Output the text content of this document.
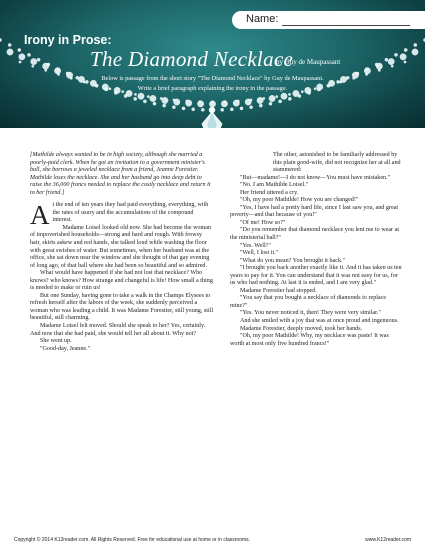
Name:
Irony in Prose:
The Diamond Necklace
by Guy de Maupassant
Below is passage from the short story "The Diamond Necklace" by Guy de Maupassant.
Write a brief paragraph explaining the irony in the passage.

[Mathilde always wanted to be in high society, although she married a poorly-paid clerk. When he got an invitation to a government minister's ball, she borrows a jeweled necklace from a friend, Jeanne Forestier. Mathilde loses the necklace. She and her husband go into deep debt to raise the 36,000 francs needed to replace the costly necklace and return it to her friend.]

At the end of ten years they had paid everything, everything, with the rates of usury and the accumulations of the compound interest.

Madame Loisel looked old now. She had become the woman of impoverished households—strong and hard and rough. With frowsy hair, skirts askew and red hands, she talked loud while washing the floor with great swishes of water. But sometimes, when her husband was at the office, she sat down near the window and she thought of that gay evening of long ago, of that ball where she had been so beautiful and so admired.

What would have happened if she had not lost that necklace? Who knows? who knows? How strange and changeful is life! How small a thing is needed to make or ruin us!

But one Sunday, having gone to take a walk in the Champs Elysees to refresh herself after the labors of the week, she suddenly perceived a woman who was leading a child. It was Madame Forestier, still young, still beautiful, still charming.

Madame Loisel felt moved. Should she speak to her? Yes, certainly. And now that she had paid, she would tell her all about it. Why not?

She went up.

"Good-day, Jeanne."

The other, astonished to be familiarly addressed by this plain good-wife, did not recognize her at all and stammered:

"But—madame!—I do not know—You must have mistaken."

"No. I am Mathilde Loisel."

Her friend uttered a cry.

"Oh, my poor Mathilde! How you are changed!"

"Yes, I have had a pretty hard life, since I last saw you, and great poverty—and that because of you!"

"Of me! How so?"

"Do you remember that diamond necklace you lent me to wear at the ministerial ball?"

"Yes. Well?"

"Well, I lost it."

"What do you mean? You brought it back."

"I brought you back another exactly like it. And it has taken us ten years to pay for it. You can understand that it was not easy for us, for us who had nothing. At last it is ended, and I am very glad."

Madame Forestier had stopped.

"You say that you bought a necklace of diamonds to replace mine?"

"Yes. You never noticed it, then! They were very similar."

And she smiled with a joy that was at once proud and ingenuous.

Madame Forestier, deeply moved, took her hands.

"Oh, my poor Mathilde! Why, my necklace was paste! It was worth at most only five hundred francs!"

Copyright © 2014 K12reader.com. All Rights Reserved. Free for educational use at home or in classrooms.	www.K12reader.com
